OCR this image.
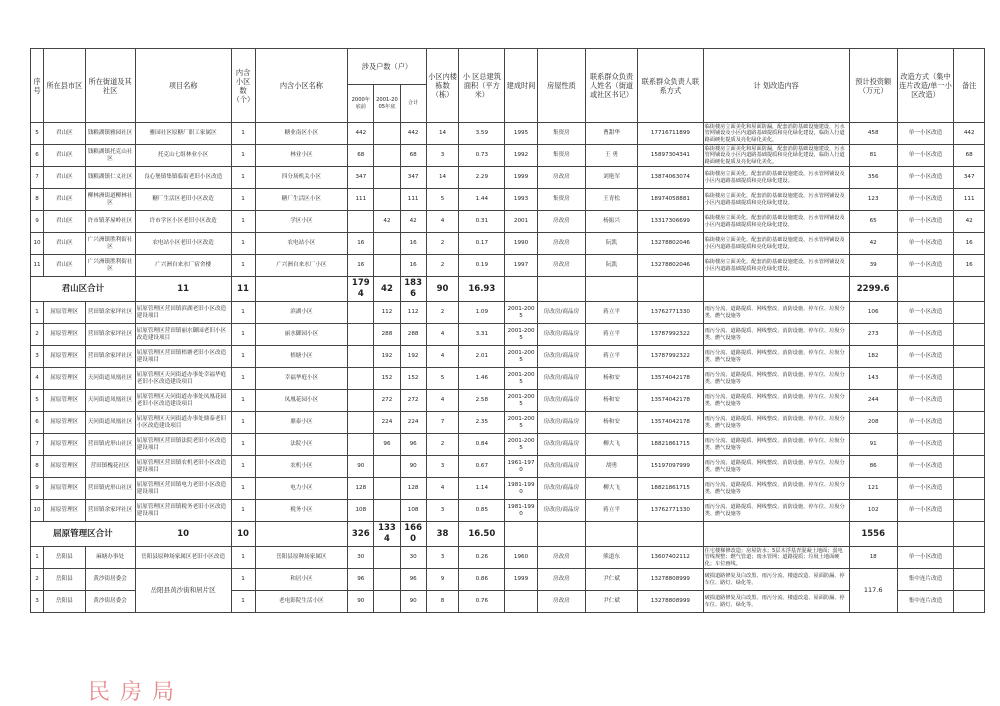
序号	所在县市区	所在街道及其社区	项目名称	内含小区数（个）	内含小区名称	涉及户数（户）			小区内楼栋数（栋）	小 区总建筑面积（平方米）	建成时间	房屋性质	联系群众负责人姓名（街道或社区书记）	联系群众负责人联系方式	计 划改造内容	预计投资额（万元）	改造方式（集中连片改造/单一小区改造）	备注
						2000年底前	2001-2005年底	合计										
5	君山区	钱粮湖镇雅园社区	雅园社区原糖厂职工家属区	1	糖业南区小区	442		442	14	3.59	1995	集资房	曹甜华	17716711899	临街楼房立面美化和屋面防漏，配套消防基础设施建设，污水管网铺设及小区内道路基础提质和亮化绿化建设，临街人行道路面硬化提质及亮化绿化美化。	458	单一小区改造	442
6	君山区	钱粮湖镇托克山社区	托克山七组林业小区	1	林业小区	68		68	3	0.73	1992	集资房	王 勇	15897304341	临街楼房立面美化和屋面防漏，配套消防基础设施建设，污水管网铺设及小区内道路基础提质和亮化绿化建设，临街人行道路面硬化提质及亮化绿化美化。	81	单一小区改造	68
7	君山区	钱粮湖镇仁义社区	良心堡镇集镇临街老旧小区改造	1	四分场机关小区	347		347	14	2.29	1999	房改房	刘艳军	13874063074	临街楼房立面美化，配套消防基础设施建设，污水管网铺设及小区内道路基础提质和亮化绿化建设。	356	单一小区改造	347
8	君山区	柳林洲街道柳林社区	糖厂生活区老旧小区改造	1	糖厂生活区小区	111		111	5	1.44	1993	集资房	王青松	18974058881	临街楼房立面美化，配套消防基础设施建设，污水管网铺设及小区内道路基础提质和亮化绿化建设。	123	单一小区改造	111
9	君山区	许市镇茅屋岭社区	许市学区小区老旧小区改造	1	学区小区		42	42	4	0.31	2001	房改房	杨振兴	13317306699	临街楼房立面美化，配套消防基础设施建设，污水管网铺设及小区内道路基础提质和亮化绿化建设。	65	单一小区改造	42
10	君山区	广兴洲镇胜利街社区	农电站小区老旧小区改造	1	农电站小区	16		16	2	0.17	1990	房改房	阮凯	13278802046	临街楼房立面美化，配套消防基础设施建设，污水管网铺设及小区内道路基础提质和亮化绿化建设。	42	单一小区改造	16
11	君山区	广兴洲镇胜利街社区	广兴洲自来水厂宿舍楼	1	广兴洲自来水厂小区	16		16	2	0.19	1997	房改房	阮凯	13278802046	临街楼房立面美化，配套消防基础设施建设，污水管网铺设及小区内道路基础提质和亮化绿化建设。	39	单一小区改造	16
君山区合计			11	11		1794	42	1836	90	16.93						2299.6		
1	屈原管理区	营田镇余家坪社区	屈原管理区营田镇滨湖老旧小区改造建设项目	1	滨湖小区		112	112	2	1.09	2001-2005	房改房/商品房	蒋立平	13762771330	雨污分流、道路提质、网线整改、消防设施、停车位、垃圾分类、燃气设施等	106	单一小区改造	
2	屈原管理区	营田镇余家坪社区	屈原管理区营田镇丽水御园老旧小区改造建设项目	1	丽水御园小区		288	288	4	3.31	2001-2005	房改房/商品房	蒋立平	13787992322	雨污分流、道路提质、网线整改、消防设施、停车位、垃圾分类、燃气设施等	273	单一小区改造	
3	屈原管理区	营田镇余家坪社区	屈原管理区营田镇梧塘老旧小区改造建设项目	1	梧塘小区		192	192	4	2.01	2001-2005	房改房/商品房	蒋立平	13787992322	雨污分流、道路提质、网线整改、消防设施、停车位、垃圾分类、燃气设施等	182	单一小区改造	
4	屈原管理区	天问街道凤凰社区	屈原管理区天问街道办事处幸福华庭老旧小区改造建设项目	1	幸福华庭小区		152	152	5	1.46	2001-2005	房改房/商品房	杨和安	13574042178	雨污分流、道路提质、网线整改、消防设施、停车位、垃圾分类、燃气设施等	143	单一小区改造	
5	屈原管理区	天问街道凤凰社区	屈原管理区天问街道办事处凤凰花园老旧小区改造建设项目	1	凤凰花园小区		272	272	4	2.58	2001-2005	房改房/商品房	杨和安	13574042178	雨污分流、道路提质、网线整改、消防设施、停车位、垃圾分类、燃气设施等	244	单一小区改造	
6	屈原管理区	天问街道凤凰社区	屈原管理区天问街道办事处鼎泰老旧小区改造建设项目	1	鼎泰小区		224	224	7	2.35	2001-2005	房改房/商品房	杨和安	13574042178	雨污分流、道路提质、网线整改、消防设施、停车位、垃圾分类、燃气设施等	208	单一小区改造	
7	屈原管理区	营田镇虎形山社区	屈原管理区营田镇法院老旧小区改造建设项目	1	法院小区		96	96	2	0.84	2001-2005	房改房/商品房	柳大飞	18821861715	雨污分流、道路提质、网线整改、消防设施、停车位、垃圾分类、燃气设施等	91	单一小区改造	
8	屈原管理区	营田镇槐花社区	屈原管理区营田镇农机老旧小区改造建设项目	1	农机小区	90		90	3	0.67	1961-1970	房改房/商品房	胡勇	15197097999	雨污分流、道路提质、网线整改、消防设施、停车位、垃圾分类、燃气设施等	86	单一小区改造	
9	屈原管理区	营田镇虎形山社区	屈原管理区营田镇电力老旧小区改造建设项目	1	电力小区	128		128	4	1.14	1981-1990	房改房/商品房	柳大飞	18821861715	雨污分流、道路提质、网线整改、消防设施、停车位、垃圾分类、燃气设施等	121	单一小区改造	
10	屈原管理区	营田镇余家坪社区	屈原管理区营田镇税务老旧小区改造建设项目	1	税务小区	108		108	3	0.85	1981-1990	房改房/商品房	蒋立平	13762771330	雨污分流、道路提质、网线整改、消防设施、停车位、垃圾分类、燃气设施等	102	单一小区改造	
屈原管理区合计			10	10		326	1334	1660	38	16.50						1556		
1	岳阳县	麻塘办事处	岳阳县原种场家属区老旧小区改造	1	岳阳县原种场家属区	30		30	3	0.26	1960	房改房	熊道东	13607402112	住宅楼梯修改造；房屋防水；5层木浮基青混凝土地面；弱电管线规整；燃气管道；雨水管网；道路提质；垃圾土地面硬化；车位画线。	18	单一小区改造	
2	岳阳县	黄沙街居委会	岳阳县黄沙街和居片区	1	和居小区	96		96	9	0.86	1999	房改房	尹仁斌	13278808999	破损道路修复及白改黑、雨污分流、楼道改造、屋面防漏、停车位、路灯、绿化等。	117.6	集中连片改造	
3	岳阳县	黄沙街居委会		1	老电影院生活小区	90		90	8	0.76		房改房	尹仁斌	13278808999	破损道路修复及白改黑、雨污分流、楼道改造、屋面防漏、停车位、路灯、绿化等。		集中连片改造	
民 房 局
